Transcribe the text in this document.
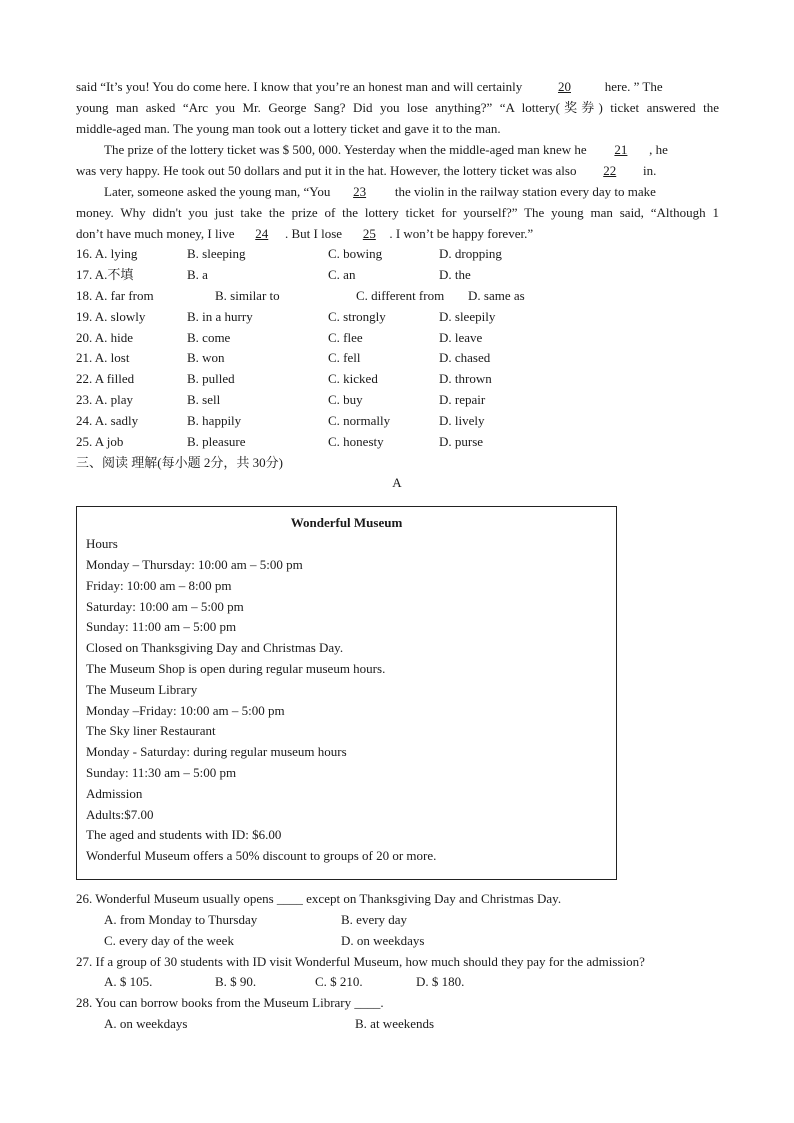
said “It’s you! You do come here. I know that you’re an honest man and will certainly	20	here. ” The
young man asked “Arc you Mr. George Sang? Did you lose anything?” “A lottery(奖券) ticket answered the
middle-aged man. The young man took out a lottery ticket and gave it to the man.
The prize of the lottery ticket was $ 500, 000. Yesterday when the middle-aged man knew he 21 , he
was very happy. He took out 50 dollars and put it in the hat. However, the lottery ticket was also 22 in.
Later, someone asked the young man, “You 23 the violin in the railway station every day to make
money. Why didn't you just take the prize of the lottery ticket for yourself?” The young man said, “Although 1
don’t have much money, I live 24 . But I lose 25 . I won’t be happy forever.”
16. A. lying	B. sleeping	C. bowing	D. dropping
17. A.不填	B. a	C. an	D. the
18. A. far from	B. similar to	C. different from D. same as
19. A. slowly	B. in a hurry	C. strongly	D. sleepily
20. A. hide	B. come	C. flee	D. leave
21. A. lost	B. won	C. fell	D. chased
22. A filled	B. pulled	C. kicked	D. thrown
23. A. play	B. sell	C. buy	D. repair
24. A. sadly	B. happily	C. normally	D. lively
25. A job	B. pleasure	C. honesty	D. purse
三、阅读 理解(每小题 2分，共 30分)
A
Wonderful Museum
Hours
Monday – Thursday: 10:00 am – 5:00 pm
Friday: 10:00 am – 8:00 pm
Saturday: 10:00 am – 5:00 pm
Sunday: 11:00 am – 5:00 pm
Closed on Thanksgiving Day and Christmas Day.
The Museum Shop is open during regular museum hours.
The Museum Library
Monday –Friday: 10:00 am – 5:00 pm
The Sky liner Restaurant
Monday - Saturday: during regular museum hours
Sunday: 11:30 am – 5:00 pm
Admission
Adults:$7.00
The aged and students with ID: $6.00
Wonderful Museum offers a 50% discount to groups of 20 or more.
26. Wonderful Museum usually opens ____ except on Thanksgiving Day and Christmas Day.
A. from Monday to Thursday	B. every day
C. every day of the week	D. on weekdays
27. If a group of 30 students with ID visit Wonderful Museum, how much should they pay for the admission?
A. $ 105.	B. $ 90.	C. $ 210.	D. $ 180.
28. You can borrow books from the Museum Library ____.
A. on weekdays	B. at weekends
